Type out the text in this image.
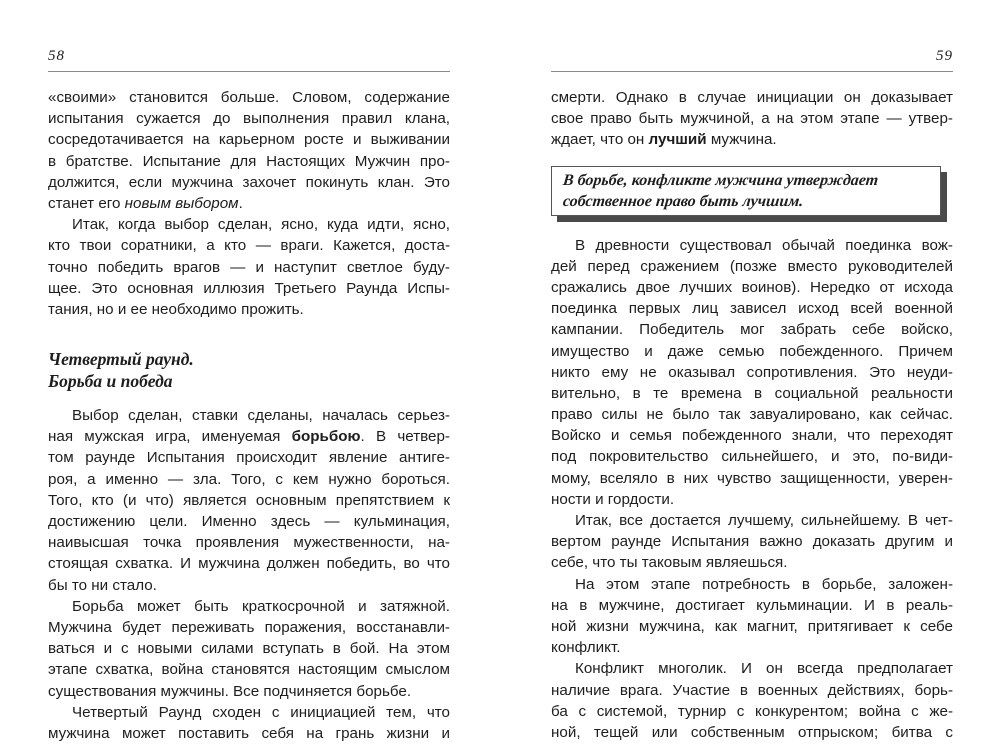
58
«своими» становится больше. Словом, содержание
испытания сужается до выполнения правил клана,
сосредотачивается на карьерном росте и выживании
в братстве. Испытание для Настоящих Мужчин про-
должится, если мужчина захочет покинуть клан. Это
станет его новым выбором.
Итак, когда выбор сделан, ясно, куда идти, ясно,
кто твои соратники, а кто — враги. Кажется, доста-
точно победить врагов — и наступит светлое буду-
щее. Это основная иллюзия Третьего Раунда Испы-
тания, но и ее необходимо прожить.
Четвертый раунд.
Борьба и победа
Выбор сделан, ставки сделаны, началась серьез-
ная мужская игра, именуемая борьбою. В четвер-
том раунде Испытания происходит явление антиге-
роя, а именно — зла. Того, с кем нужно бороться.
Того, кто (и что) является основным препятствием к
достижению цели. Именно здесь — кульминация,
наивысшая точка проявления мужественности, на-
стоящая схватка. И мужчина должен победить, во что
бы то ни стало.
Борьба может быть краткосрочной и затяжной.
Мужчина будет переживать поражения, восстанавли-
ваться и с новыми силами вступать в бой. На этом
этапе схватка, война становятся настоящим смыслом
существования мужчины. Все подчиняется борьбе.
Четвертый Раунд сходен с инициацией тем, что
мужчина может поставить себя на грань жизни и
59
смерти. Однако в случае инициации он доказывает
свое право быть мужчиной, а на этом этапе — утвер-
ждает, что он лучший мужчина.
В борьбе, конфликте мужчина утверждает
собственное право быть лучшим.
В древности существовал обычай поединка вож-
дей перед сражением (позже вместо руководителей
сражались двое лучших воинов). Нередко от исхода
поединка первых лиц зависел исход всей военной
кампании. Победитель мог забрать себе войско,
имущество и даже семью побежденного. Причем
никто ему не оказывал сопротивления. Это неуди-
вительно, в те времена в социальной реальности
право силы не было так завуалировано, как сейчас.
Войско и семья побежденного знали, что переходят
под покровительство сильнейшего, и это, по-види-
мому, вселяло в них чувство защищенности, уверен-
ности и гордости.
Итак, все достается лучшему, сильнейшему. В чет-
вертом раунде Испытания важно доказать другим и
себе, что ты таковым являешься.
На этом этапе потребность в борьбе, заложен-
на в мужчине, достигает кульминации. И в реаль-
ной жизни мужчина, как магнит, притягивает к себе
конфликт.
Конфликт многолик. И он всегда предполагает
наличие врага. Участие в военных действиях, борь-
ба с системой, турнир с конкурентом; война с же-
ной, тещей или собственным отпрыском; битва с
